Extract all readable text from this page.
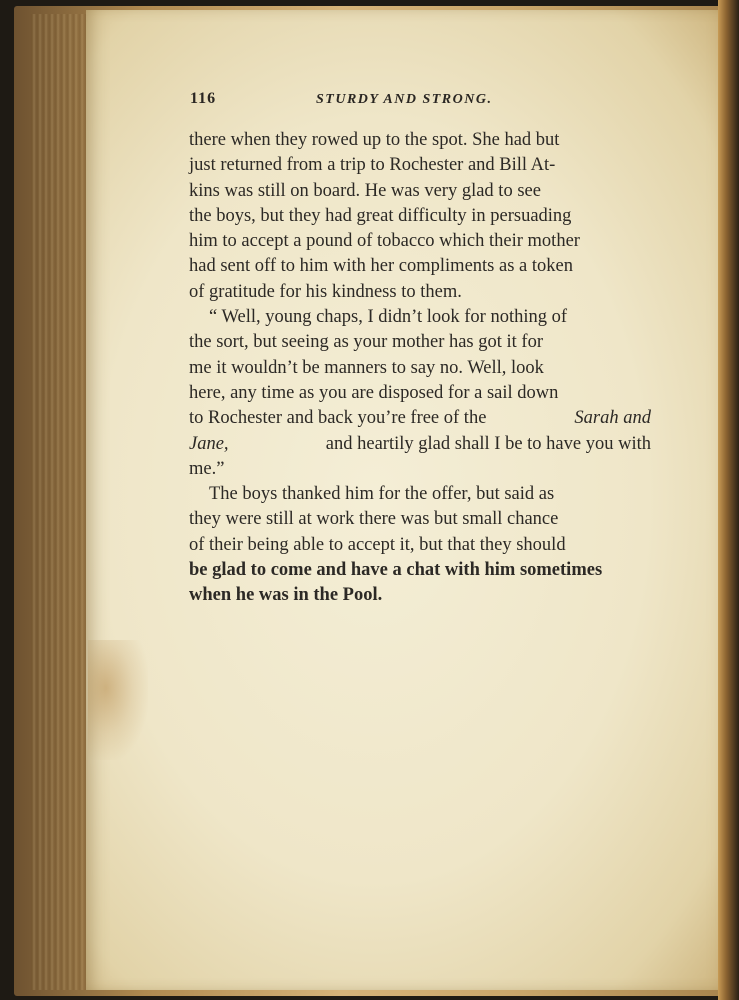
116	STURDY AND STRONG.
there when they rowed up to the spot. She had but
just returned from a trip to Rochester and Bill At-
kins was still on board. He was very glad to see
the boys, but they had great difficulty in persuading
him to accept a pound of tobacco which their mother
had sent off to him with her compliments as a token
of gratitude for his kindness to them.
“ Well, young chaps, I didn’t look for nothing of
the sort, but seeing as your mother has got it for
me it wouldn’t be manners to say no. Well, look
here, any time as you are disposed for a sail down
to Rochester and back you’re free of the	Sarah and
Jane,	and heartily glad shall I be to have you with
me.”
The boys thanked him for the offer, but said as
they were still at work there was but small chance
of their being able to accept it, but that they should
be glad to come and have a chat with him sometimes
when he was in the Pool.
